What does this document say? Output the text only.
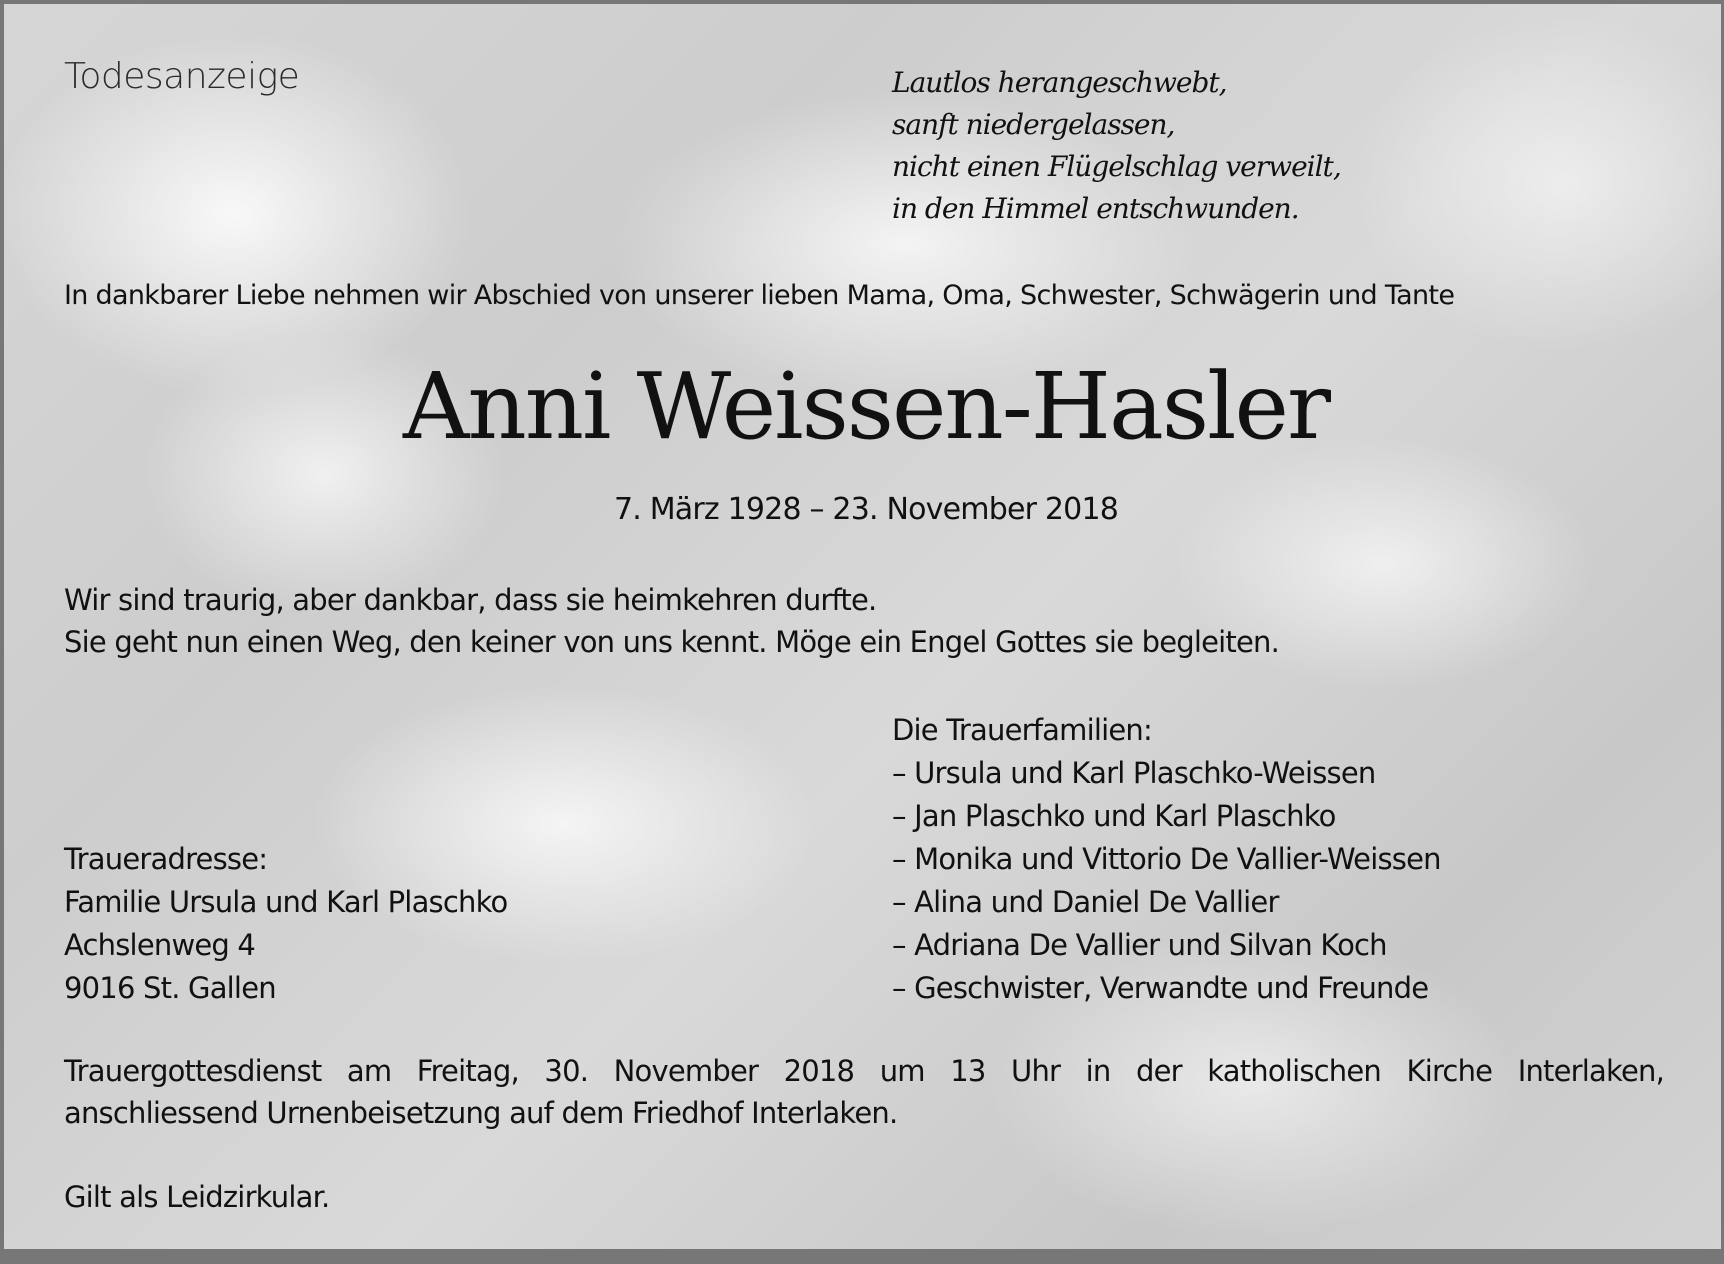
Todesanzeige	Lautlos herangeschwebt,
sanft niedergelassen,
nicht einen Flügelschlag verweilt,
in den Himmel entschwunden.

In dankbarer Liebe nehmen wir Abschied von unserer lieben Mama, Oma, Schwester, Schwägerin und Tante

Anni Weissen-Hasler

7. März 1928 – 23. November 2018

Wir sind traurig, aber dankbar, dass sie heimkehren durfte.
Sie geht nun einen Weg, den keiner von uns kennt. Möge ein Engel Gottes sie begleiten.
Die Trauerfamilien:
– Ursula und Karl Plaschko-Weissen
– Jan Plaschko und Karl Plaschko
– Monika und Vittorio De Vallier-Weissen
– Alina und Daniel De Vallier
– Adriana De Vallier und Silvan Koch
– Geschwister, Verwandte und Freunde
Traueradresse:
Familie Ursula und Karl Plaschko
Achslenweg 4
9016 St. Gallen
Trauergottesdienst am Freitag, 30. November 2018 um 13 Uhr in der katholischen Kirche Interlaken,
anschliessend Urnenbeisetzung auf dem Friedhof Interlaken.

Gilt als Leidzirkular.
